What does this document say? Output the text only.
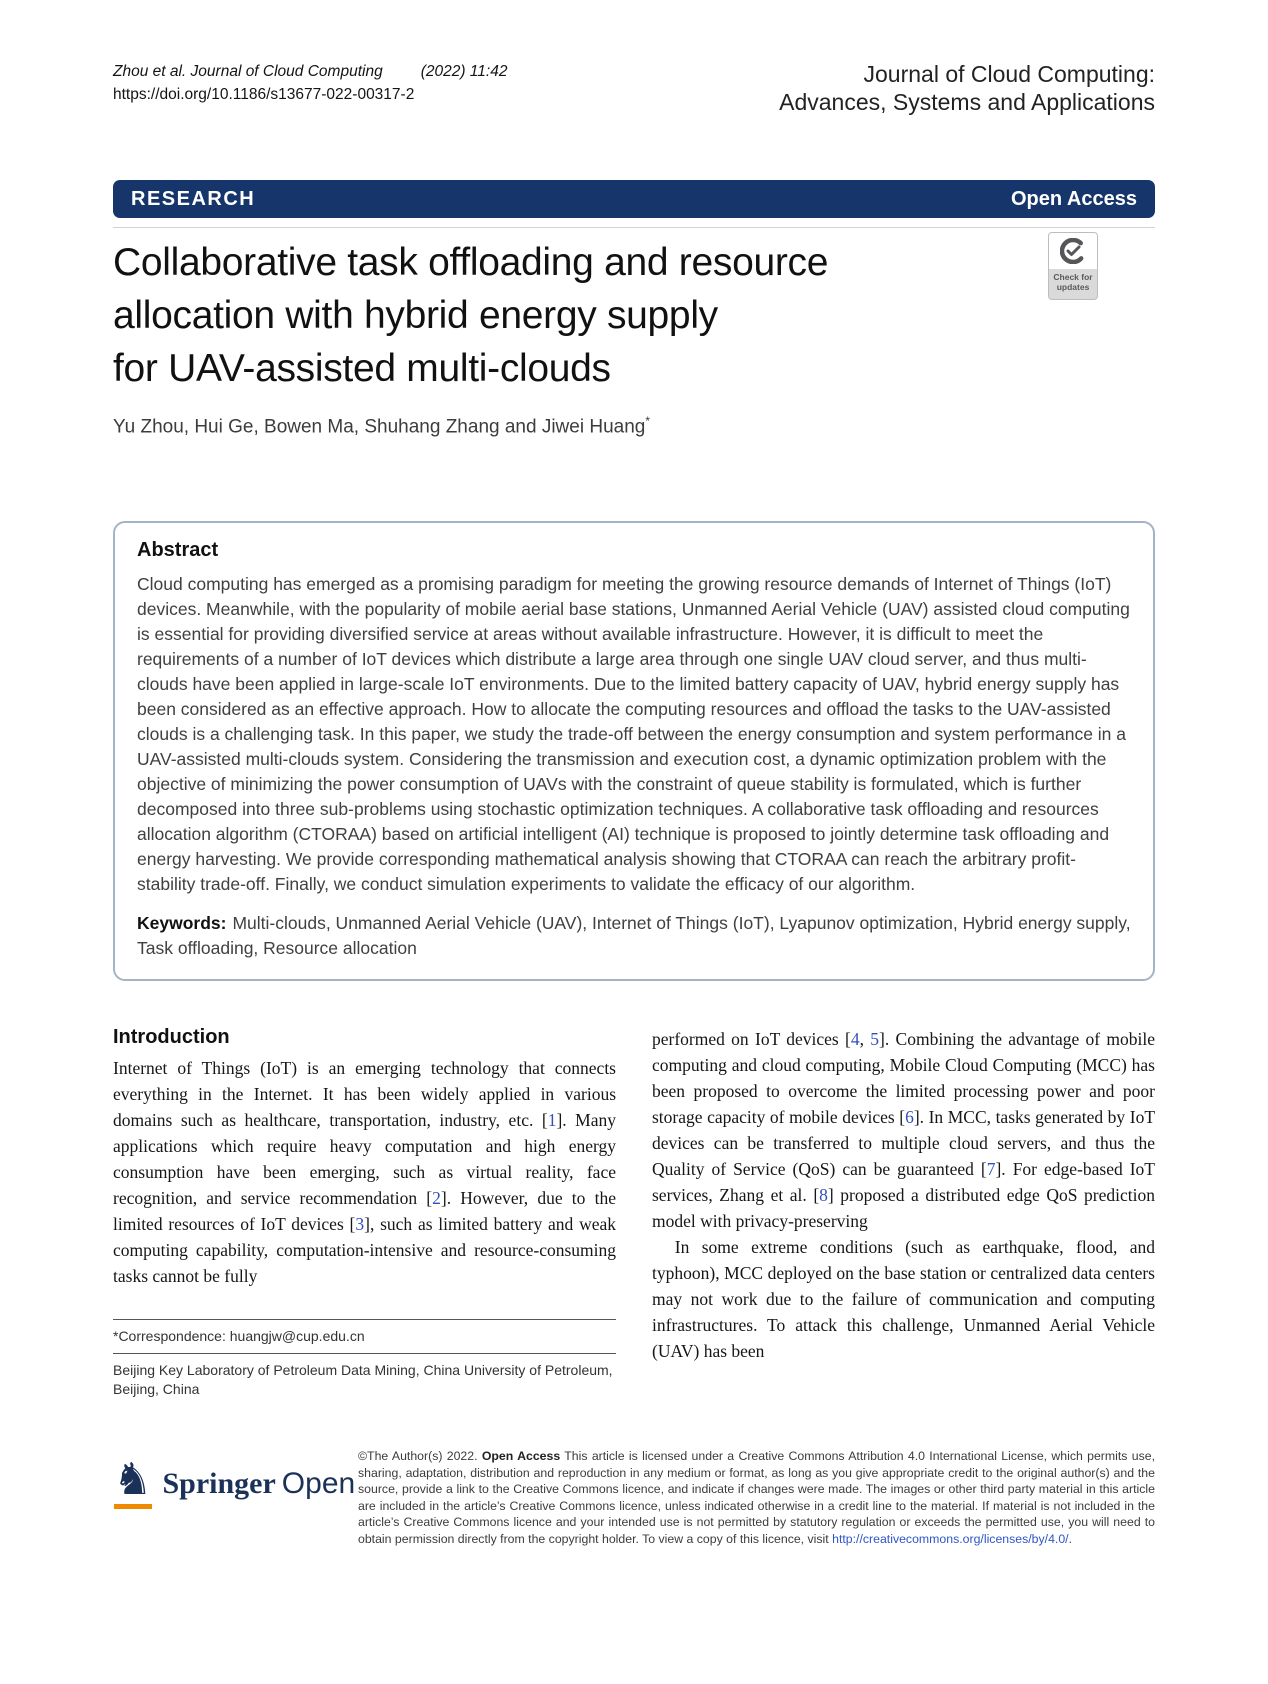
Zhou et al. Journal of Cloud Computing (2022) 11:42
https://doi.org/10.1186/s13677-022-00317-2
Journal of Cloud Computing:
Advances, Systems and Applications
RESEARCH	Open Access
Check for
updates
Collaborative task offloading and resource
allocation with hybrid energy supply
for UAV-assisted multi-clouds
Yu Zhou, Hui Ge, Bowen Ma, Shuhang Zhang and Jiwei Huang*
Abstract

Cloud computing has emerged as a promising paradigm for meeting the growing resource demands of Internet of Things (IoT) devices. Meanwhile, with the popularity of mobile aerial base stations, Unmanned Aerial Vehicle (UAV) assisted cloud computing is essential for providing diversified service at areas without available infrastructure. However, it is difficult to meet the requirements of a number of IoT devices which distribute a large area through one single UAV cloud server, and thus multi-clouds have been applied in large-scale IoT environments. Due to the limited battery capacity of UAV, hybrid energy supply has been considered as an effective approach. How to allocate the computing resources and offload the tasks to the UAV-assisted clouds is a challenging task. In this paper, we study the trade-off between the energy consumption and system performance in a UAV-assisted multi-clouds system. Considering the transmission and execution cost, a dynamic optimization problem with the objective of minimizing the power consumption of UAVs with the constraint of queue stability is formulated, which is further decomposed into three sub-problems using stochastic optimization techniques. A collaborative task offloading and resources allocation algorithm (CTORAA) based on artificial intelligent (AI) technique is proposed to jointly determine task offloading and energy harvesting. We provide corresponding mathematical analysis showing that CTORAA can reach the arbitrary profit-stability trade-off. Finally, we conduct simulation experiments to validate the efficacy of our algorithm.

Keywords: Multi-clouds, Unmanned Aerial Vehicle (UAV), Internet of Things (IoT), Lyapunov optimization, Hybrid energy supply, Task offloading, Resource allocation

Introduction

Internet of Things (IoT) is an emerging technology that connects everything in the Internet. It has been widely applied in various domains such as healthcare, transportation, industry, etc. [1]. Many applications which require heavy computation and high energy consumption have been emerging, such as virtual reality, face recognition, and service recommendation [2]. However, due to the limited resources of IoT devices [3], such as limited battery and weak computing capability, computation-intensive and resource-consuming tasks cannot be fully

*Correspondence: huangjw@cup.edu.cn
Beijing Key Laboratory of Petroleum Data Mining, China University of Petroleum, Beijing, China

performed on IoT devices [4, 5]. Combining the advantage of mobile computing and cloud computing, Mobile Cloud Computing (MCC) has been proposed to overcome the limited processing power and poor storage capacity of mobile devices [6]. In MCC, tasks generated by IoT devices can be transferred to multiple cloud servers, and thus the Quality of Service (QoS) can be guaranteed [7]. For edge-based IoT services, Zhang et al. [8] proposed a distributed edge QoS prediction model with privacy-preserving

In some extreme conditions (such as earthquake, flood, and typhoon), MCC deployed on the base station or centralized data centers may not work due to the failure of communication and computing infrastructures. To attack this challenge, Unmanned Aerial Vehicle (UAV) has been

♞ Springer Open
©The Author(s) 2022. Open Access This article is licensed under a Creative Commons Attribution 4.0 International License, which permits use, sharing, adaptation, distribution and reproduction in any medium or format, as long as you give appropriate credit to the original author(s) and the source, provide a link to the Creative Commons licence, and indicate if changes were made. The images or other third party material in this article are included in the article’s Creative Commons licence, unless indicated otherwise in a credit line to the material. If material is not included in the article’s Creative Commons licence and your intended use is not permitted by statutory regulation or exceeds the permitted use, you will need to obtain permission directly from the copyright holder. To view a copy of this licence, visit http://creativecommons.org/licenses/by/4.0/.
